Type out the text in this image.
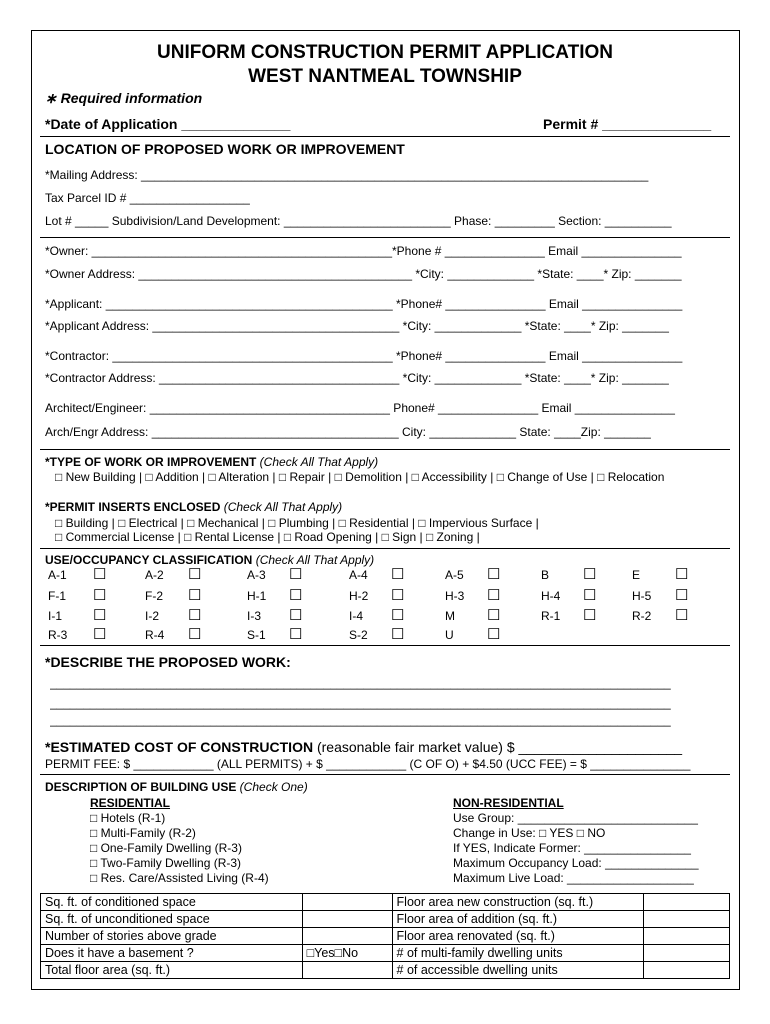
UNIFORM CONSTRUCTION PERMIT APPLICATION
WEST NANTMEAL TOWNSHIP
∗ Required information
*Date of Application ______________	Permit # ______________
LOCATION OF PROPOSED WORK OR IMPROVEMENT
*Mailing Address: ____________________________________________________________________________
Tax Parcel ID # __________________
Lot # _____ Subdivision/Land Development: _________________________ Phase: _________ Section: __________
*Owner: _____________________________________________*Phone # _______________ Email _______________
*Owner Address: _________________________________________ *City: _____________ *State: ____* Zip: _______
*Applicant: ___________________________________________ *Phone# _______________ Email _______________
*Applicant Address: _____________________________________ *City: _____________ *State: ____* Zip: _______
*Contractor: __________________________________________ *Phone# _______________ Email _______________
*Contractor Address: ____________________________________ *City: _____________ *State: ____* Zip: _______
Architect/Engineer: ____________________________________ Phone# _______________ Email _______________
Arch/Engr Address: _____________________________________ City: _____________ State: ____Zip: _______
*TYPE OF WORK OR IMPROVEMENT (Check All That Apply)
□ New Building | □ Addition | □ Alteration | □ Repair | □ Demolition | □ Accessibility | □ Change of Use | □ Relocation
*PERMIT INSERTS ENCLOSED (Check All That Apply)
□ Building | □ Electrical | □ Mechanical | □ Plumbing | □ Residential | □ Impervious Surface |
□ Commercial License | □ Rental License | □ Road Opening | □ Sign | □ Zoning |
USE/OCCUPANCY CLASSIFICATION (Check All That Apply)
A-1 ☐	A-2 ☐	A-3 ☐	A-4 ☐	A-5 ☐	B ☐	E ☐
F-1 ☐	F-2 ☐	H-1 ☐	H-2 ☐	H-3 ☐	H-4 ☐	H-5 ☐
I-1 ☐	I-2 ☐	I-3 ☐	I-4 ☐	M ☐	R-1 ☐	R-2 ☐
R-3 ☐	R-4 ☐	S-1 ☐	S-2 ☐	U ☐
*DESCRIBE THE PROPOSED WORK:
_____________________________________________________________________________________________
_____________________________________________________________________________________________
_____________________________________________________________________________________________
*ESTIMATED COST OF CONSTRUCTION (reasonable fair market value) $ _____________________
PERMIT FEE: $ ____________ (ALL PERMITS) + $ ____________ (C OF O) + $4.50 (UCC FEE) = $ _______________
DESCRIPTION OF BUILDING USE (Check One)
RESIDENTIAL
□ Hotels (R-1)
□ Multi-Family (R-2)
□ One-Family Dwelling (R-3)
□ Two-Family Dwelling (R-3)
□ Res. Care/Assisted Living (R-4)
NON-RESIDENTIAL
Use Group: ___________________________
Change in Use: □ YES □ NO
If YES, Indicate Former: ________________
Maximum Occupancy Load: ______________
Maximum Live Load: ___________________
Sq. ft. of conditioned space		Floor area new construction (sq. ft.)	
Sq. ft. of unconditioned space		Floor area of addition (sq. ft.)	
Number of stories above grade		Floor area renovated (sq. ft.)	
Does it have a basement ?	□Yes□No	# of multi-family dwelling units	
Total floor area (sq. ft.)		# of accessible dwelling units	
